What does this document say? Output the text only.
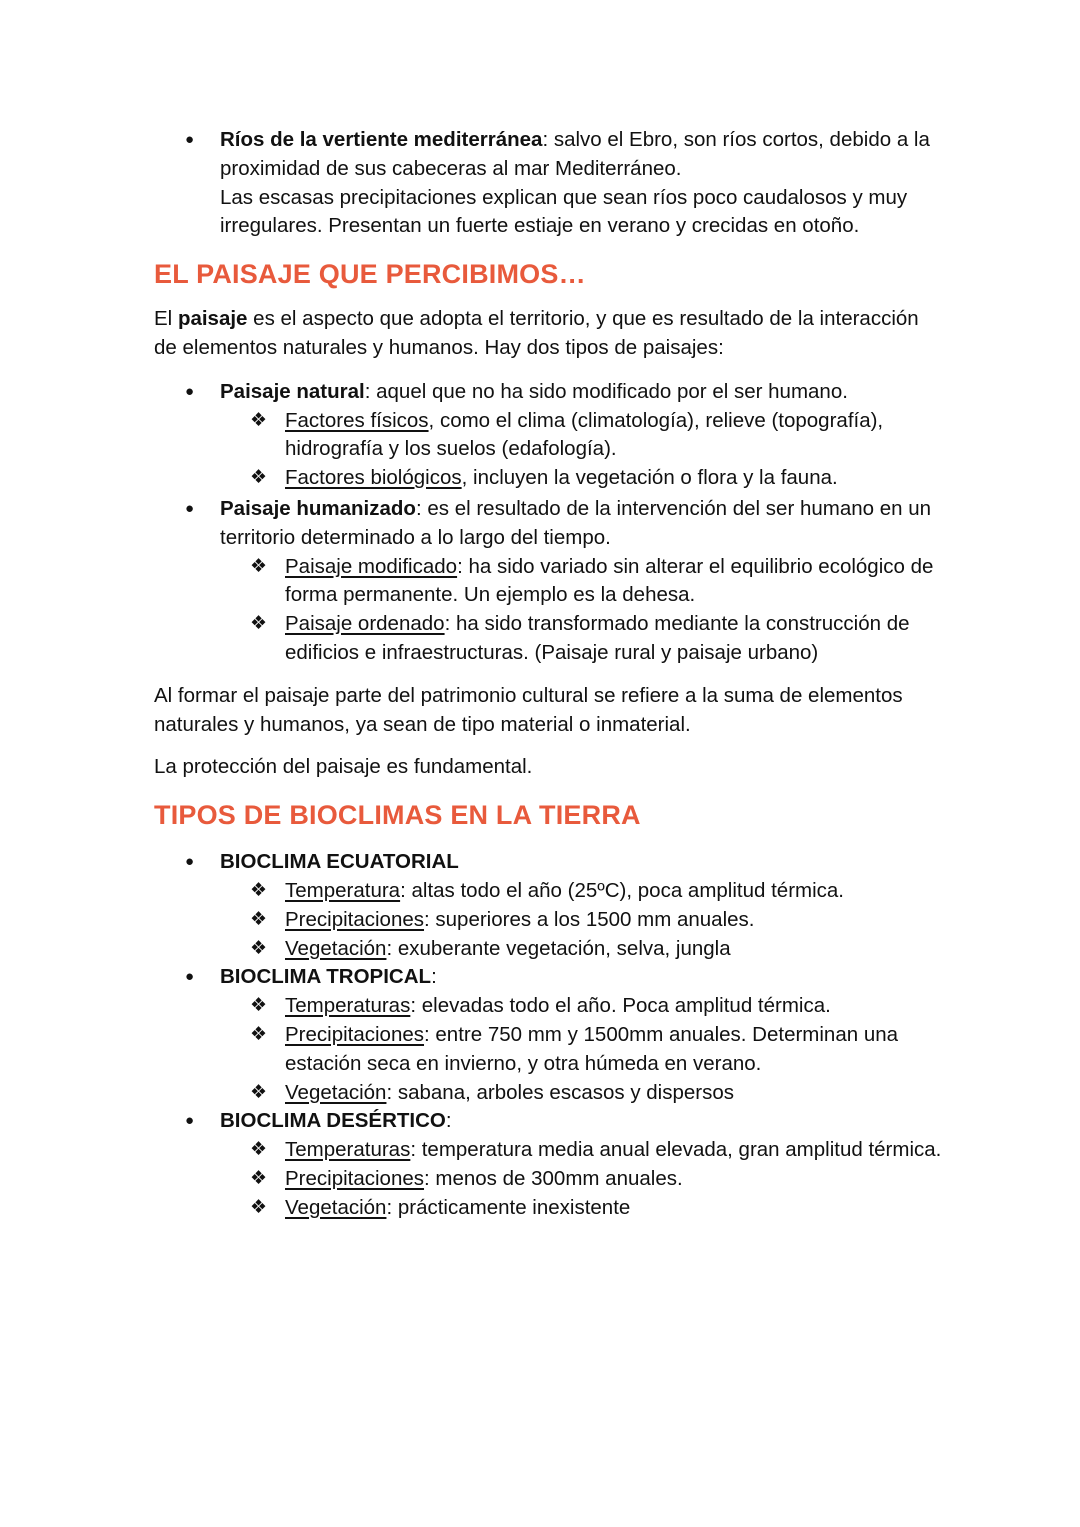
● Ríos de la vertiente mediterránea: salvo el Ebro, son ríos cortos, debido a la proximidad de sus cabeceras al mar Mediterráneo.
Las escasas precipitaciones explican que sean ríos poco caudalosos y muy irregulares. Presentan un fuerte estiaje en verano y crecidas en otoño.
EL PAISAJE QUE PERCIBIMOS…

El paisaje es el aspecto que adopta el territorio, y que es resultado de la interacción de elementos naturales y humanos. Hay dos tipos de paisajes:

● Paisaje natural: aquel que no ha sido modificado por el ser humano.
❖ Factores físicos, como el clima (climatología), relieve (topografía), hidrografía y los suelos (edafología).
❖ Factores biológicos, incluyen la vegetación o flora y la fauna.
● Paisaje humanizado: es el resultado de la intervención del ser humano en un territorio determinado a lo largo del tiempo.
❖ Paisaje modificado: ha sido variado sin alterar el equilibrio ecológico de forma permanente. Un ejemplo es la dehesa.
❖ Paisaje ordenado: ha sido transformado mediante la construcción de edificios e infraestructuras. (Paisaje rural y paisaje urbano)

Al formar el paisaje parte del patrimonio cultural se refiere a la suma de elementos naturales y humanos, ya sean de tipo material o inmaterial.

La protección del paisaje es fundamental.

TIPOS DE BIOCLIMAS EN LA TIERRA
● BIOCLIMA ECUATORIAL
❖ Temperatura: altas todo el año (25ºC), poca amplitud térmica.
❖ Precipitaciones: superiores a los 1500 mm anuales.
❖ Vegetación: exuberante vegetación, selva, jungla
● BIOCLIMA TROPICAL:
❖ Temperaturas: elevadas todo el año. Poca amplitud térmica.
❖ Precipitaciones: entre 750 mm y 1500mm anuales. Determinan una estación seca en invierno, y otra húmeda en verano.
❖ Vegetación: sabana, arboles escasos y dispersos
● BIOCLIMA DESÉRTICO:
❖ Temperaturas: temperatura media anual elevada, gran amplitud térmica.
❖ Precipitaciones: menos de 300mm anuales.
❖ Vegetación: prácticamente inexistente
